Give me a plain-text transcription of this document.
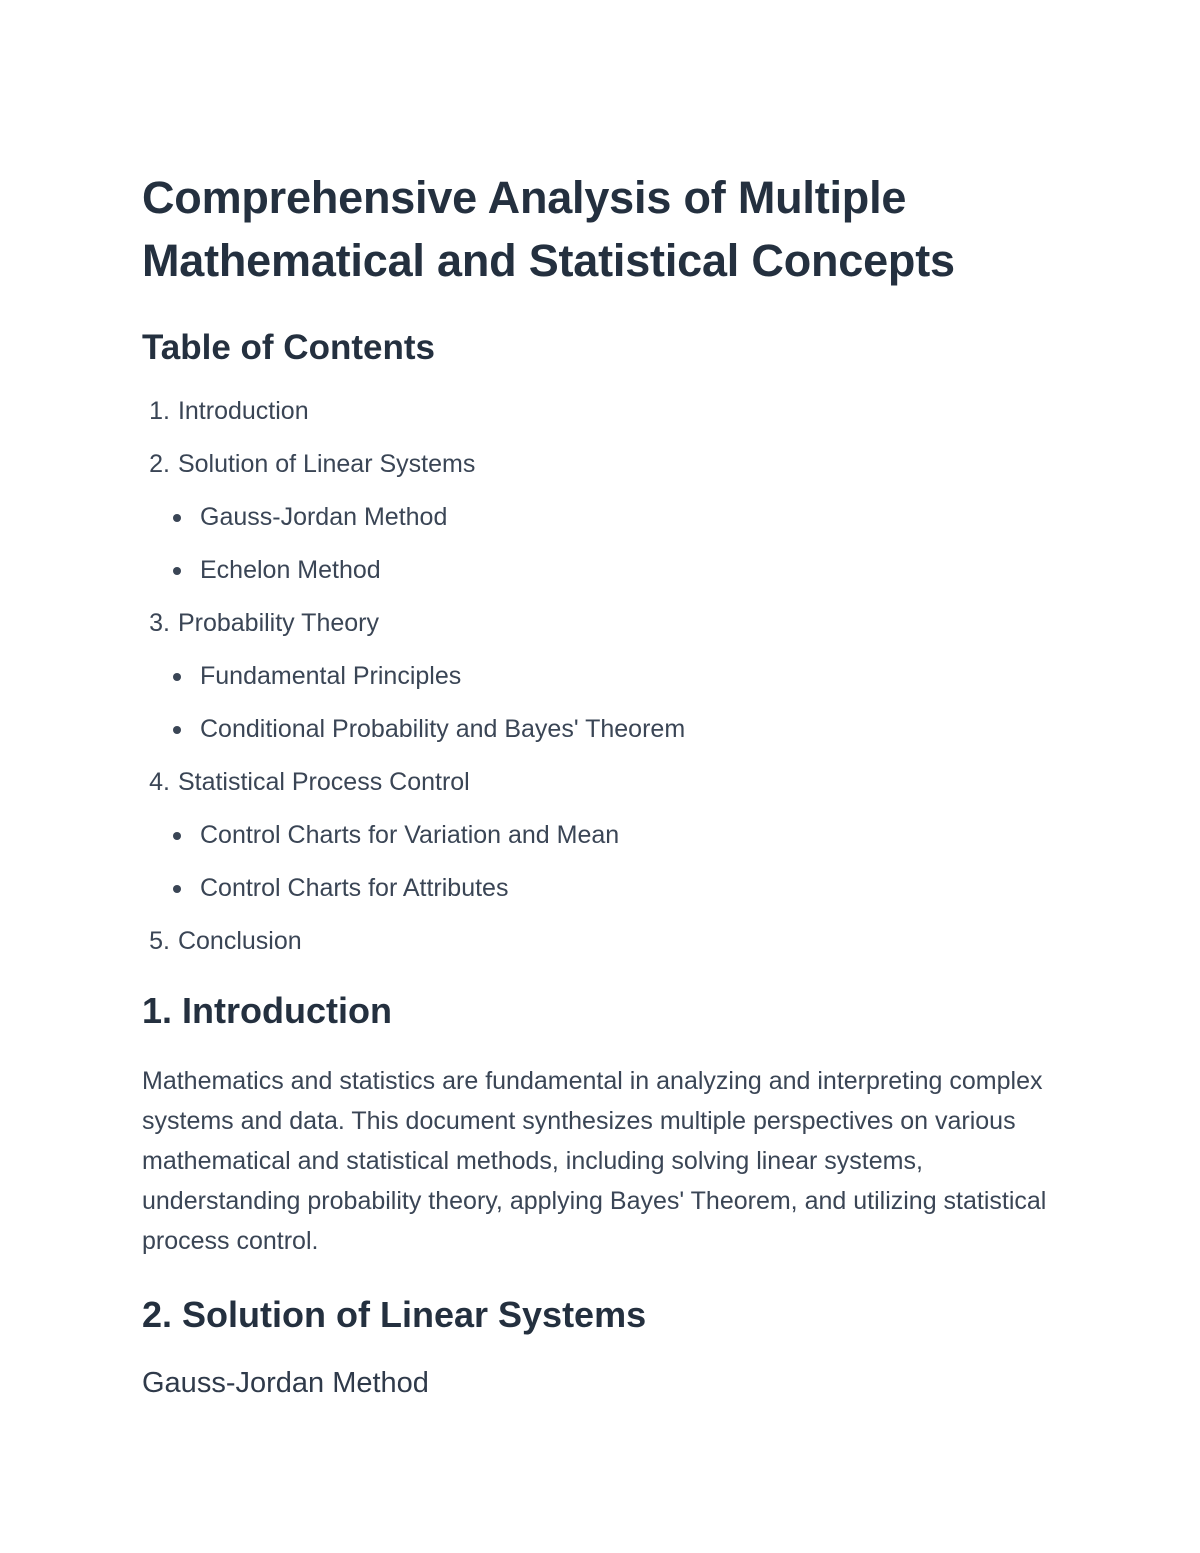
Comprehensive Analysis of Multiple
Mathematical and Statistical Concepts
Table of Contents
1. Introduction
2. Solution of Linear Systems
Gauss-Jordan Method
Echelon Method
3. Probability Theory
Fundamental Principles
Conditional Probability and Bayes' Theorem
4. Statistical Process Control
Control Charts for Variation and Mean
Control Charts for Attributes
5. Conclusion
1. Introduction

Mathematics and statistics are fundamental in analyzing and interpreting complex systems and data. This document synthesizes multiple perspectives on various mathematical and statistical methods, including solving linear systems, understanding probability theory, applying Bayes' Theorem, and utilizing statistical process control.

2. Solution of Linear Systems
Gauss-Jordan Method
